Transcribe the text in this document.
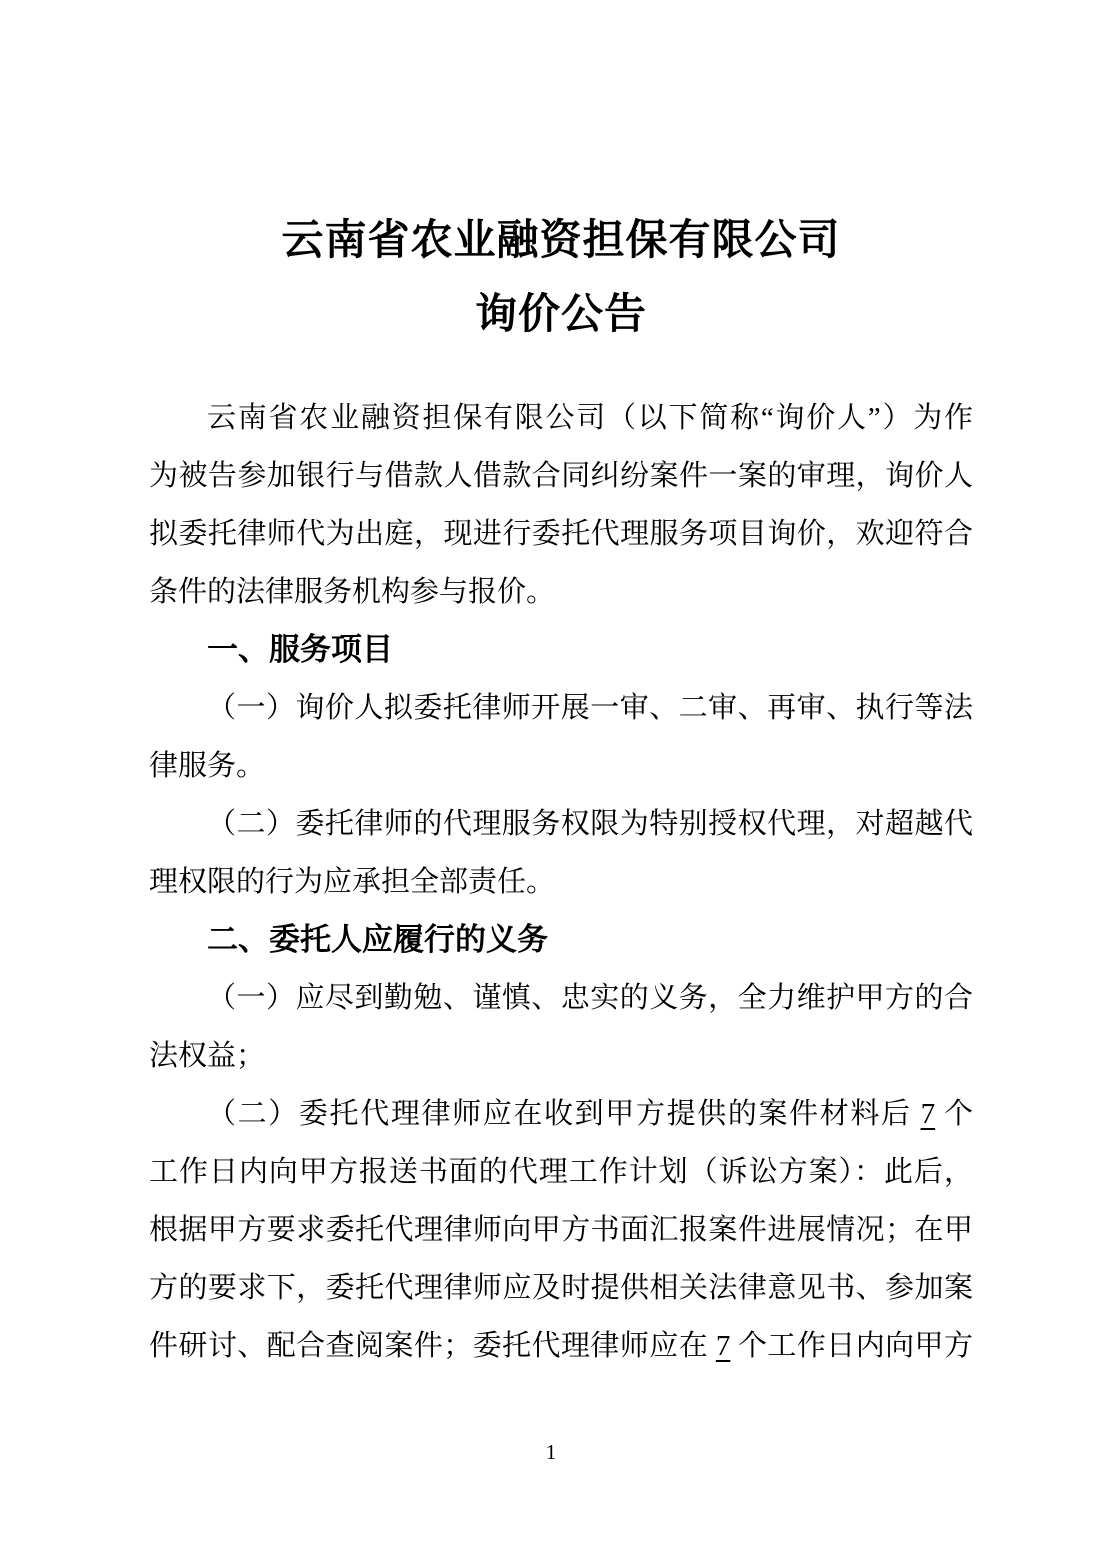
云南省农业融资担保有限公司
询价公告
云南省农业融资担保有限公司（以下简称“询价人”）为作
为被告参加银行与借款人借款合同纠纷案件一案的审理，询价人
拟委托律师代为出庭，现进行委托代理服务项目询价，欢迎符合
条件的法律服务机构参与报价。
一、服务项目
（一）询价人拟委托律师开展一审、二审、再审、执行等法
律服务。
（二）委托律师的代理服务权限为特别授权代理，对超越代
理权限的行为应承担全部责任。
二、委托人应履行的义务
（一）应尽到勤勉、谨慎、忠实的义务，全力维护甲方的合
法权益；
（二）委托代理律师应在收到甲方提供的案件材料后 7 个
工作日内向甲方报送书面的代理工作计划（诉讼方案）：此后，
根据甲方要求委托代理律师向甲方书面汇报案件进展情况；在甲
方的要求下，委托代理律师应及时提供相关法律意见书、参加案
件研讨、配合查阅案件；委托代理律师应在 7 个工作日内向甲方
1
